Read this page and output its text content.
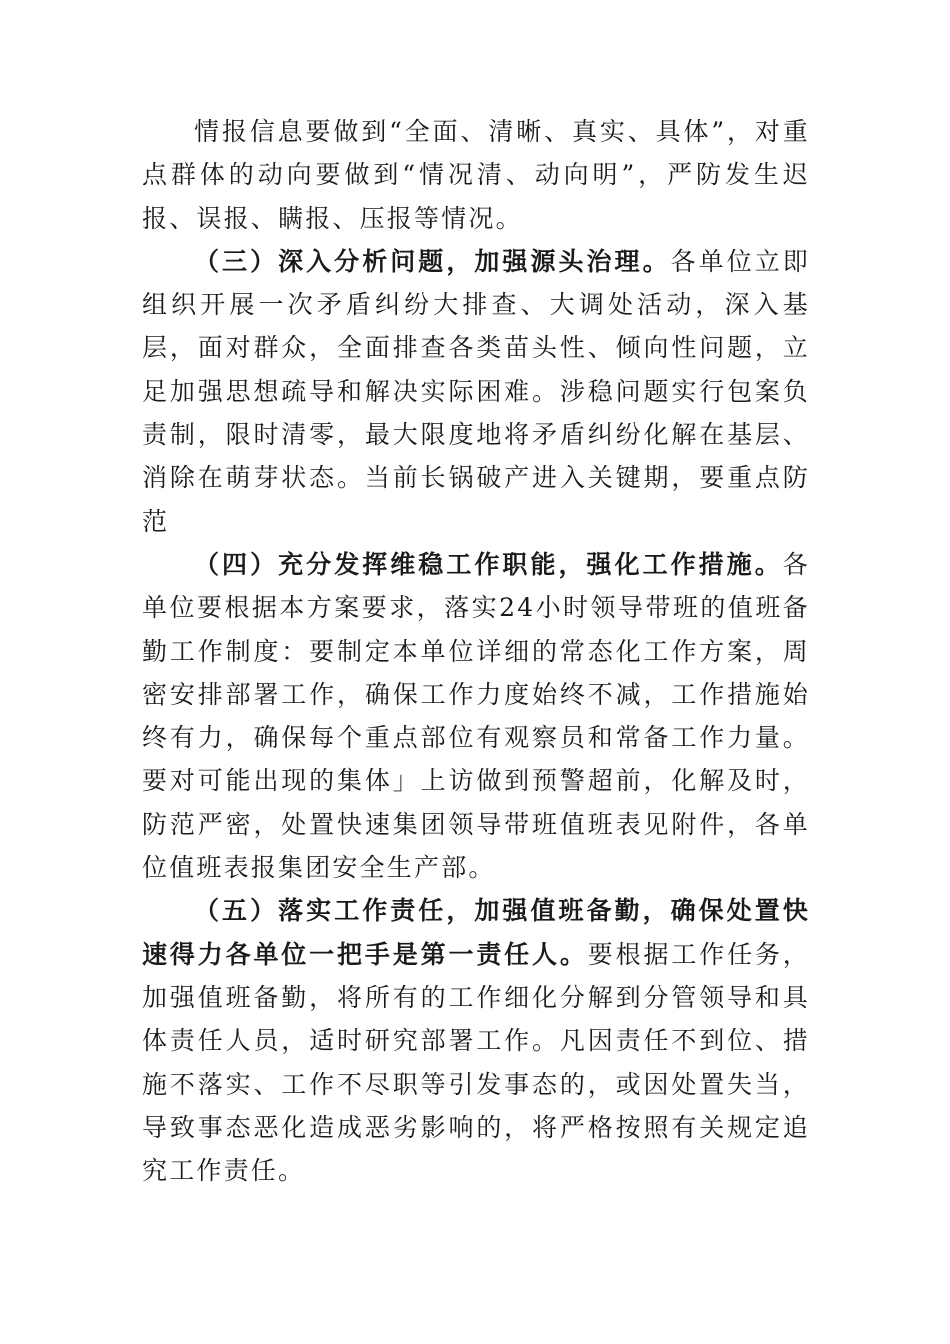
情报信息要做到“全面、清晰、真实、具体”，对重点群体的动向要做到“情况清、动向明”，严防发生迟报、误报、瞒报、压报等情况。

（三）深入分析问题，加强源头治理。各单位立即组织开展一次矛盾纠纷大排查、大调处活动，深入基层，面对群众，全面排查各类苗头性、倾向性问题，立足加强思想疏导和解决实际困难。涉稳问题实行包案负责制，限时清零，最大限度地将矛盾纠纷化解在基层、消除在萌芽状态。当前长锅破产进入关键期，要重点防范

（四）充分发挥维稳工作职能，强化工作措施。各单位要根据本方案要求，落实24小时领导带班的值班备勤工作制度：要制定本单位详细的常态化工作方案，周密安排部署工作，确保工作力度始终不减，工作措施始终有力，确保每个重点部位有观察员和常备工作力量。要对可能出现的集体」上访做到预警超前，化解及时，防范严密，处置快速集团领导带班值班表见附件，各单位值班表报集团安全生产部。

（五）落实工作责任，加强值班备勤，确保处置快速得力各单位一把手是第一责任人。要根据工作任务，加强值班备勤，将所有的工作细化分解到分管领导和具体责任人员，适时研究部署工作。凡因责任不到位、措施不落实、工作不尽职等引发事态的，或因处置失当，导致事态恶化造成恶劣影响的，将严格按照有关规定追究工作责任。
